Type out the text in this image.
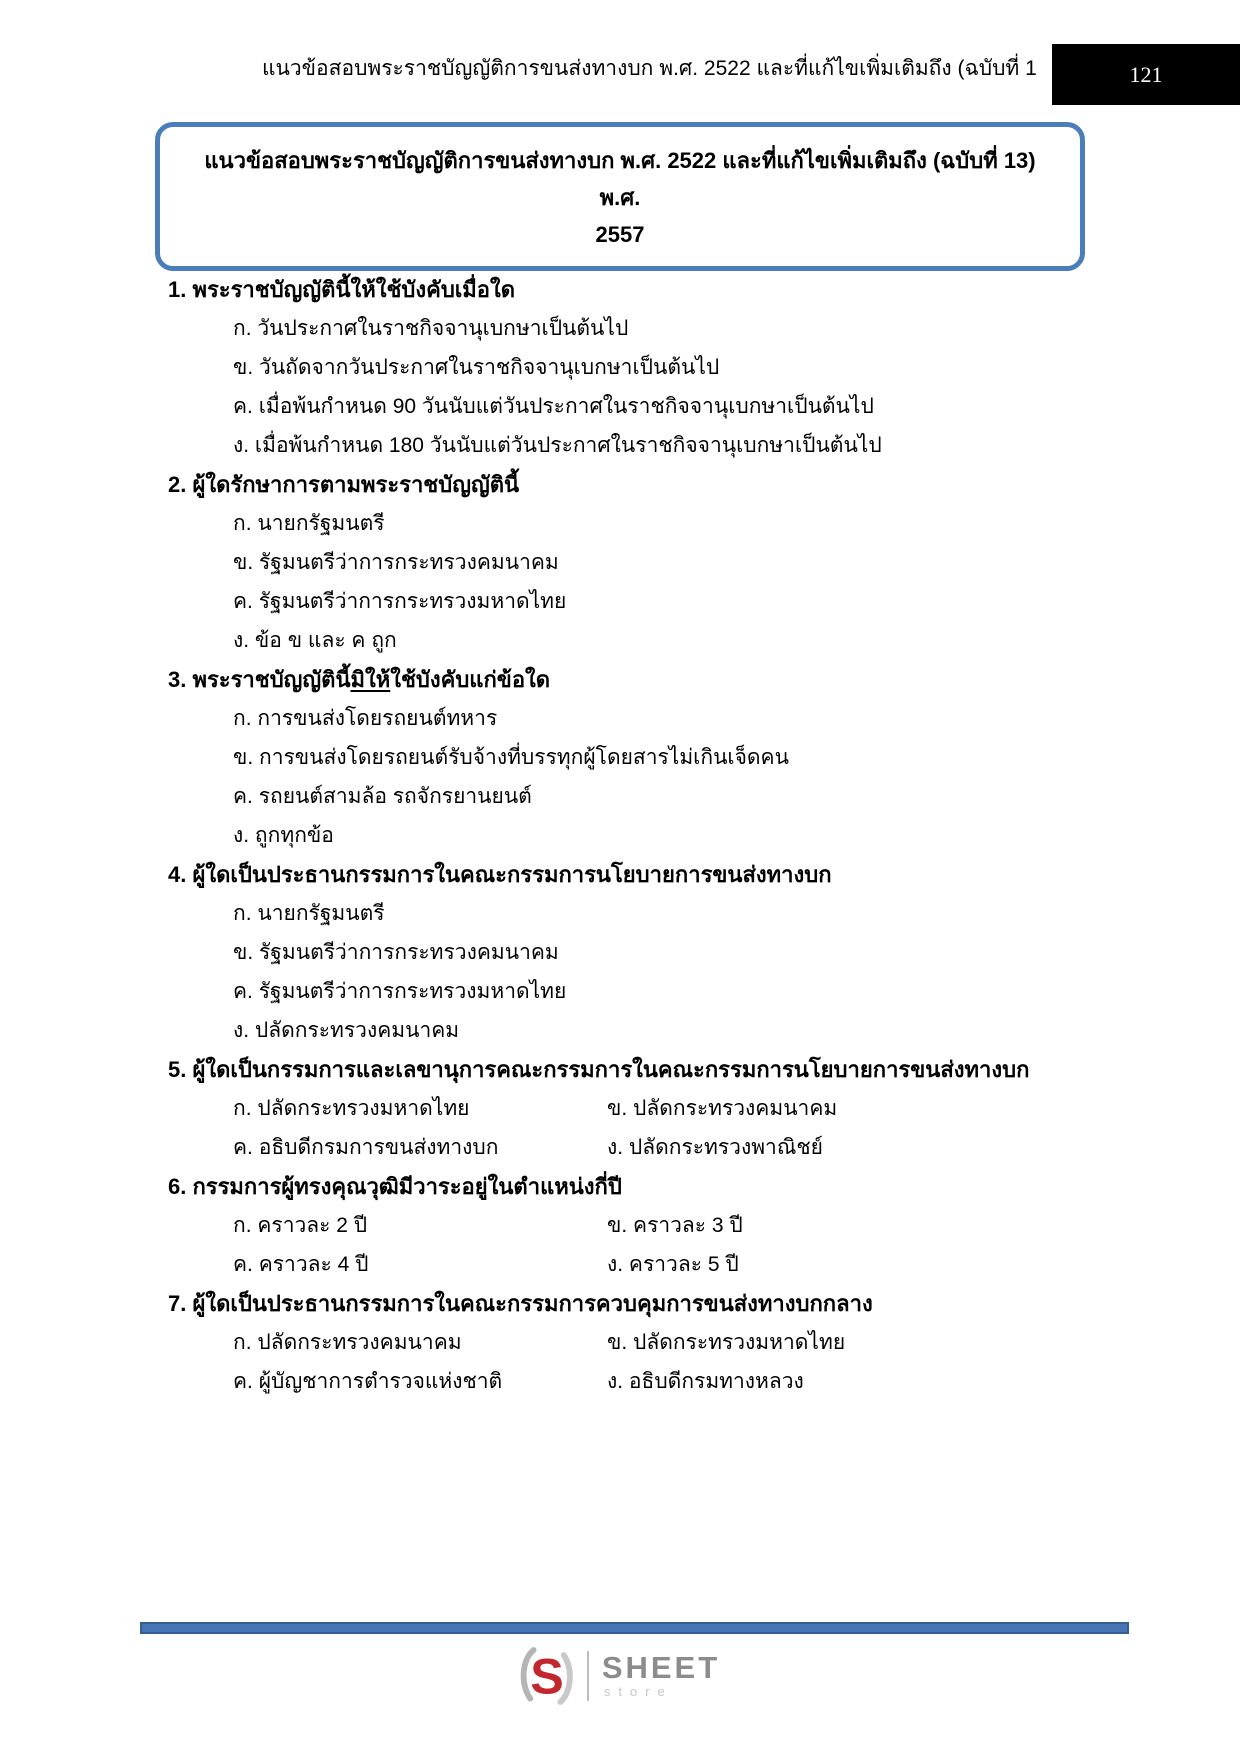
แนวข้อสอบพระราชบัญญัติการขนส่งทางบก พ.ศ. 2522 และที่แก้ไขเพิ่มเติมถึง (ฉบับที่ 1	121
แนวข้อสอบพระราชบัญญัติการขนส่งทางบก พ.ศ. 2522 และที่แก้ไขเพิ่มเติมถึง (ฉบับที่ 13) พ.ศ.
2557
1. พระราชบัญญัตินี้ให้ใช้บังคับเมื่อใด
ก. วันประกาศในราชกิจจานุเบกษาเป็นต้นไป
ข. วันถัดจากวันประกาศในราชกิจจานุเบกษาเป็นต้นไป
ค. เมื่อพ้นกำหนด 90 วันนับแต่วันประกาศในราชกิจจานุเบกษาเป็นต้นไป
ง. เมื่อพ้นกำหนด 180 วันนับแต่วันประกาศในราชกิจจานุเบกษาเป็นต้นไป
2. ผู้ใดรักษาการตามพระราชบัญญัตินี้
ก. นายกรัฐมนตรี
ข. รัฐมนตรีว่าการกระทรวงคมนาคม
ค. รัฐมนตรีว่าการกระทรวงมหาดไทย
ง. ข้อ ข และ ค ถูก
3. พระราชบัญญัตินี้มิให้ใช้บังคับแก่ข้อใด
ก. การขนส่งโดยรถยนต์ทหาร
ข. การขนส่งโดยรถยนต์รับจ้างที่บรรทุกผู้โดยสารไม่เกินเจ็ดคน
ค. รถยนต์สามล้อ รถจักรยานยนต์
ง. ถูกทุกข้อ
4. ผู้ใดเป็นประธานกรรมการในคณะกรรมการนโยบายการขนส่งทางบก
ก. นายกรัฐมนตรี
ข. รัฐมนตรีว่าการกระทรวงคมนาคม
ค. รัฐมนตรีว่าการกระทรวงมหาดไทย
ง. ปลัดกระทรวงคมนาคม
5. ผู้ใดเป็นกรรมการและเลขานุการคณะกรรมการในคณะกรรมการนโยบายการขนส่งทางบก
ก. ปลัดกระทรวงมหาดไทย	ข. ปลัดกระทรวงคมนาคม
ค. อธิบดีกรมการขนส่งทางบก	ง. ปลัดกระทรวงพาณิชย์
6. กรรมการผู้ทรงคุณวุฒิมีวาระอยู่ในตำแหน่งกี่ปี
ก. คราวละ 2 ปี	ข. คราวละ 3 ปี
ค. คราวละ 4 ปี	ง. คราวละ 5 ปี
7. ผู้ใดเป็นประธานกรรมการในคณะกรรมการควบคุมการขนส่งทางบกกลาง
ก. ปลัดกระทรวงคมนาคม	ข. ปลัดกระทรวงมหาดไทย
ค. ผู้บัญชาการตำรวจแห่งชาติ	ง. อธิบดีกรมทางหลวง
S SHEET
store
